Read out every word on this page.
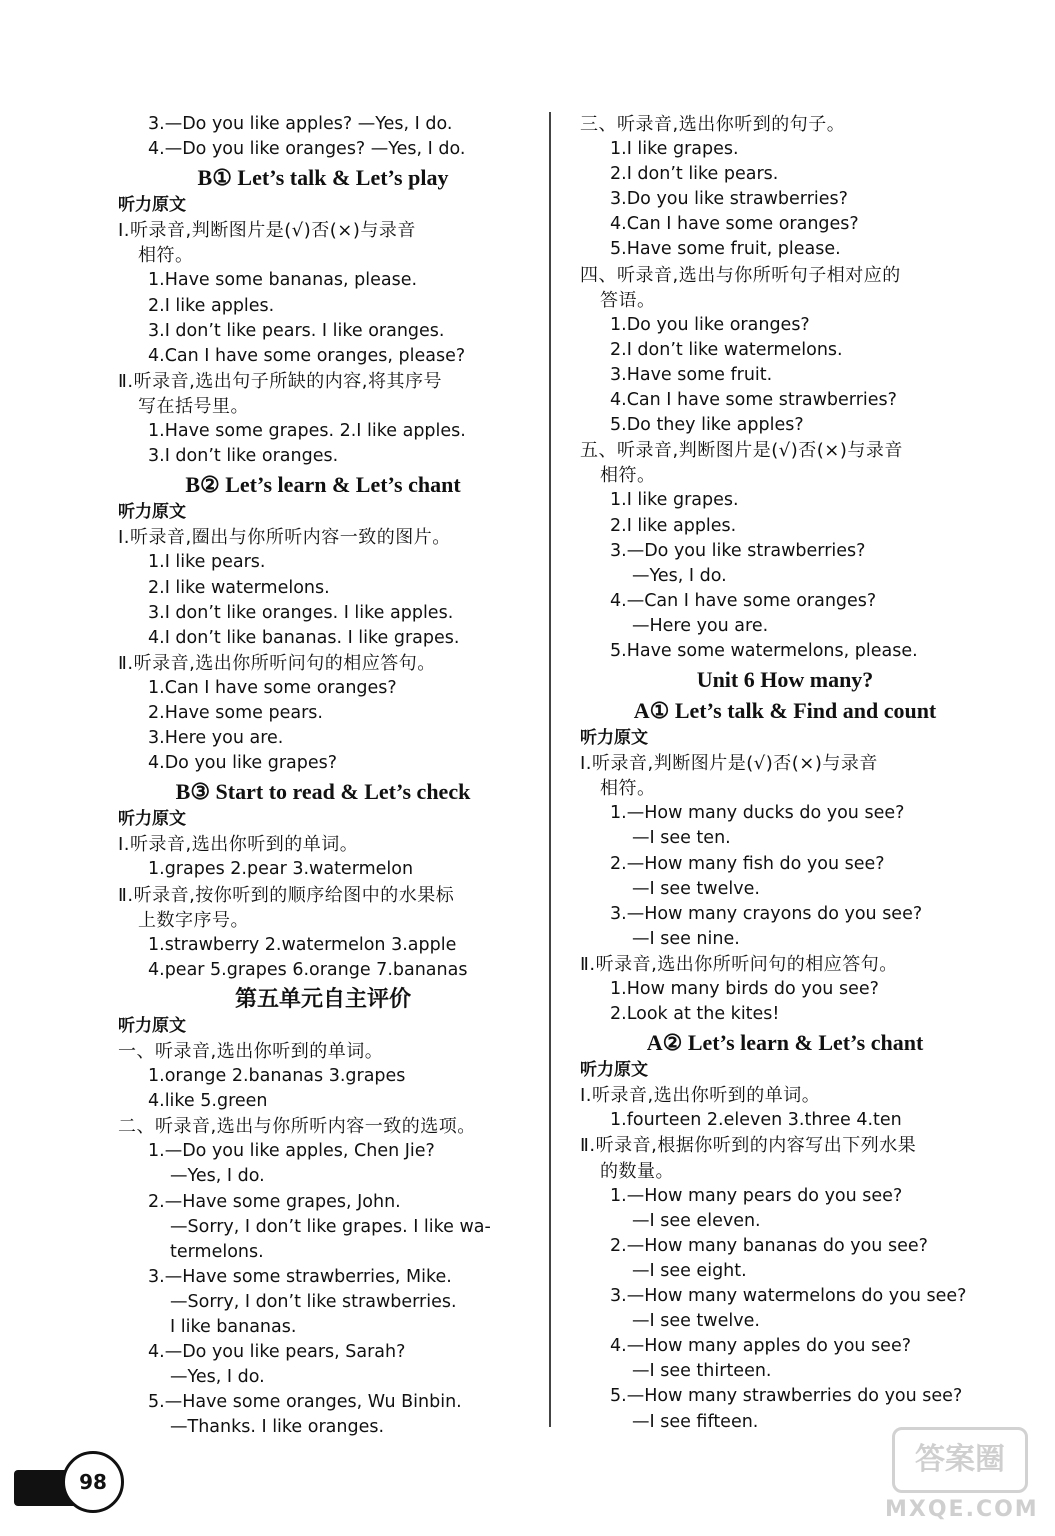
3.—Do you like apples? —Yes, I do.
4.—Do you like oranges? —Yes, I do.
B① Let’s talk & Let’s play
听力原文
Ⅰ.听录音,判断图片是(√)否(×)与录音
相符。
1.Have some bananas, please.
2.I like apples.
3.I don’t like pears. I like oranges.
4.Can I have some oranges, please?
Ⅱ.听录音,选出句子所缺的内容,将其序号
写在括号里。
1.Have some grapes. 2.I like apples.
3.I don’t like oranges.
B② Let’s learn & Let’s chant
听力原文
Ⅰ.听录音,圈出与你所听内容一致的图片。
1.I like pears.
2.I like watermelons.
3.I don’t like oranges. I like apples.
4.I don’t like bananas. I like grapes.
Ⅱ.听录音,选出你所听问句的相应答句。
1.Can I have some oranges?
2.Have some pears.
3.Here you are.
4.Do you like grapes?
B③ Start to read & Let’s check
听力原文
Ⅰ.听录音,选出你听到的单词。
1.grapes 2.pear 3.watermelon
Ⅱ.听录音,按你听到的顺序给图中的水果标
上数字序号。
1.strawberry 2.watermelon 3.apple
4.pear 5.grapes 6.orange 7.bananas
第五单元自主评价
听力原文
一、听录音,选出你听到的单词。
1.orange 2.bananas 3.grapes
4.like 5.green
二、听录音,选出与你所听内容一致的选项。
1.—Do you like apples, Chen Jie?
—Yes, I do.
2.—Have some grapes, John.
—Sorry, I don’t like grapes. I like wa-
termelons.
3.—Have some strawberries, Mike.
—Sorry, I don’t like strawberries.
I like bananas.
4.—Do you like pears, Sarah?
—Yes, I do.
5.—Have some oranges, Wu Binbin.
—Thanks. I like oranges.
三、听录音,选出你听到的句子。
1.I like grapes.
2.I don’t like pears.
3.Do you like strawberries?
4.Can I have some oranges?
5.Have some fruit, please.
四、听录音,选出与你所听句子相对应的
答语。
1.Do you like oranges?
2.I don’t like watermelons.
3.Have some fruit.
4.Can I have some strawberries?
5.Do they like apples?
五、听录音,判断图片是(√)否(×)与录音
相符。
1.I like grapes.
2.I like apples.
3.—Do you like strawberries?
—Yes, I do.
4.—Can I have some oranges?
—Here you are.
5.Have some watermelons, please.
Unit 6 How many?
A① Let’s talk & Find and count
听力原文
Ⅰ.听录音,判断图片是(√)否(×)与录音
相符。
1.—How many ducks do you see?
—I see ten.
2.—How many fish do you see?
—I see twelve.
3.—How many crayons do you see?
—I see nine.
Ⅱ.听录音,选出你所听问句的相应答句。
1.How many birds do you see?
2.Look at the kites!
A② Let’s learn & Let’s chant
听力原文
Ⅰ.听录音,选出你听到的单词。
1.fourteen 2.eleven 3.three 4.ten
Ⅱ.听录音,根据你听到的内容写出下列水果
的数量。
1.—How many pears do you see?
—I see eleven.
2.—How many bananas do you see?
—I see eight.
3.—How many watermelons do you see?
—I see twelve.
4.—How many apples do you see?
—I see thirteen.
5.—How many strawberries do you see?
—I see fifteen.
98
答案圈
MXQE.COM
